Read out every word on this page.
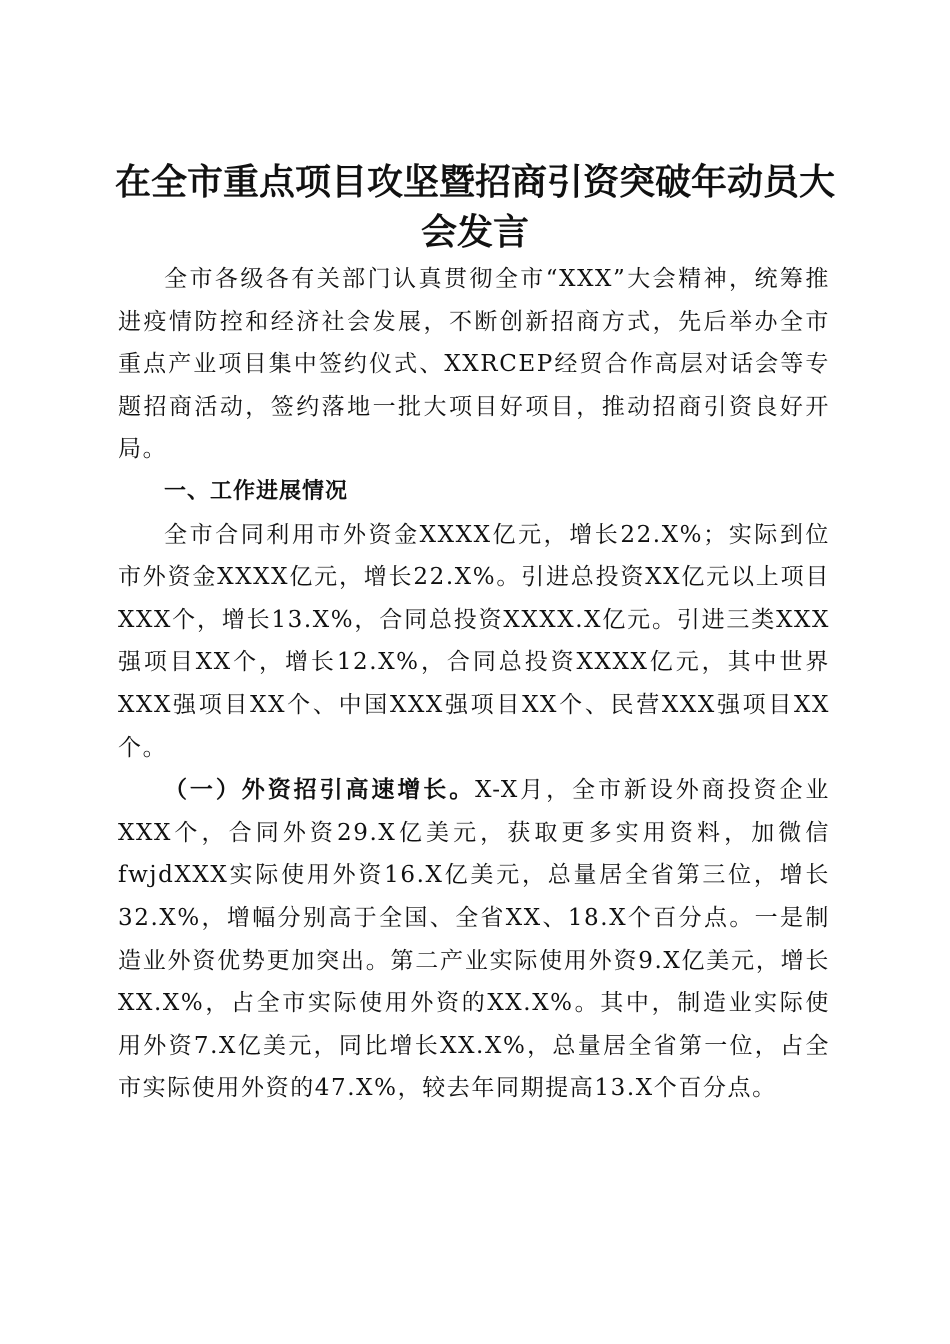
在全市重点项目攻坚暨招商引资突破年动员大会发言

全市各级各有关部门认真贯彻全市“XXX”大会精神，统筹推进疫情防控和经济社会发展，不断创新招商方式，先后举办全市重点产业项目集中签约仪式、XXRCEP经贸合作高层对话会等专题招商活动，签约落地一批大项目好项目，推动招商引资良好开局。

一、工作进展情况

全市合同利用市外资金XXXX亿元，增长22.X%；实际到位市外资金XXXX亿元，增长22.X%。引进总投资XX亿元以上项目XXX个，增长13.X%，合同总投资XXXX.X亿元。引进三类XXX强项目XX个，增长12.X%，合同总投资XXXX亿元，其中世界XXX强项目XX个、中国XXX强项目XX个、民营XXX强项目XX个。

（一）外资招引高速增长。X-X月，全市新设外商投资企业XXX个，合同外资29.X亿美元，获取更多实用资料，加微信fwjdXXX实际使用外资16.X亿美元，总量居全省第三位，增长32.X%，增幅分别高于全国、全省XX、18.X个百分点。一是制造业外资优势更加突出。第二产业实际使用外资9.X亿美元，增长XX.X%，占全市实际使用外资的XX.X%。其中，制造业实际使用外资7.X亿美元，同比增长XX.X%，总量居全省第一位，占全市实际使用外资的47.X%，较去年同期提高13.X个百分点。
